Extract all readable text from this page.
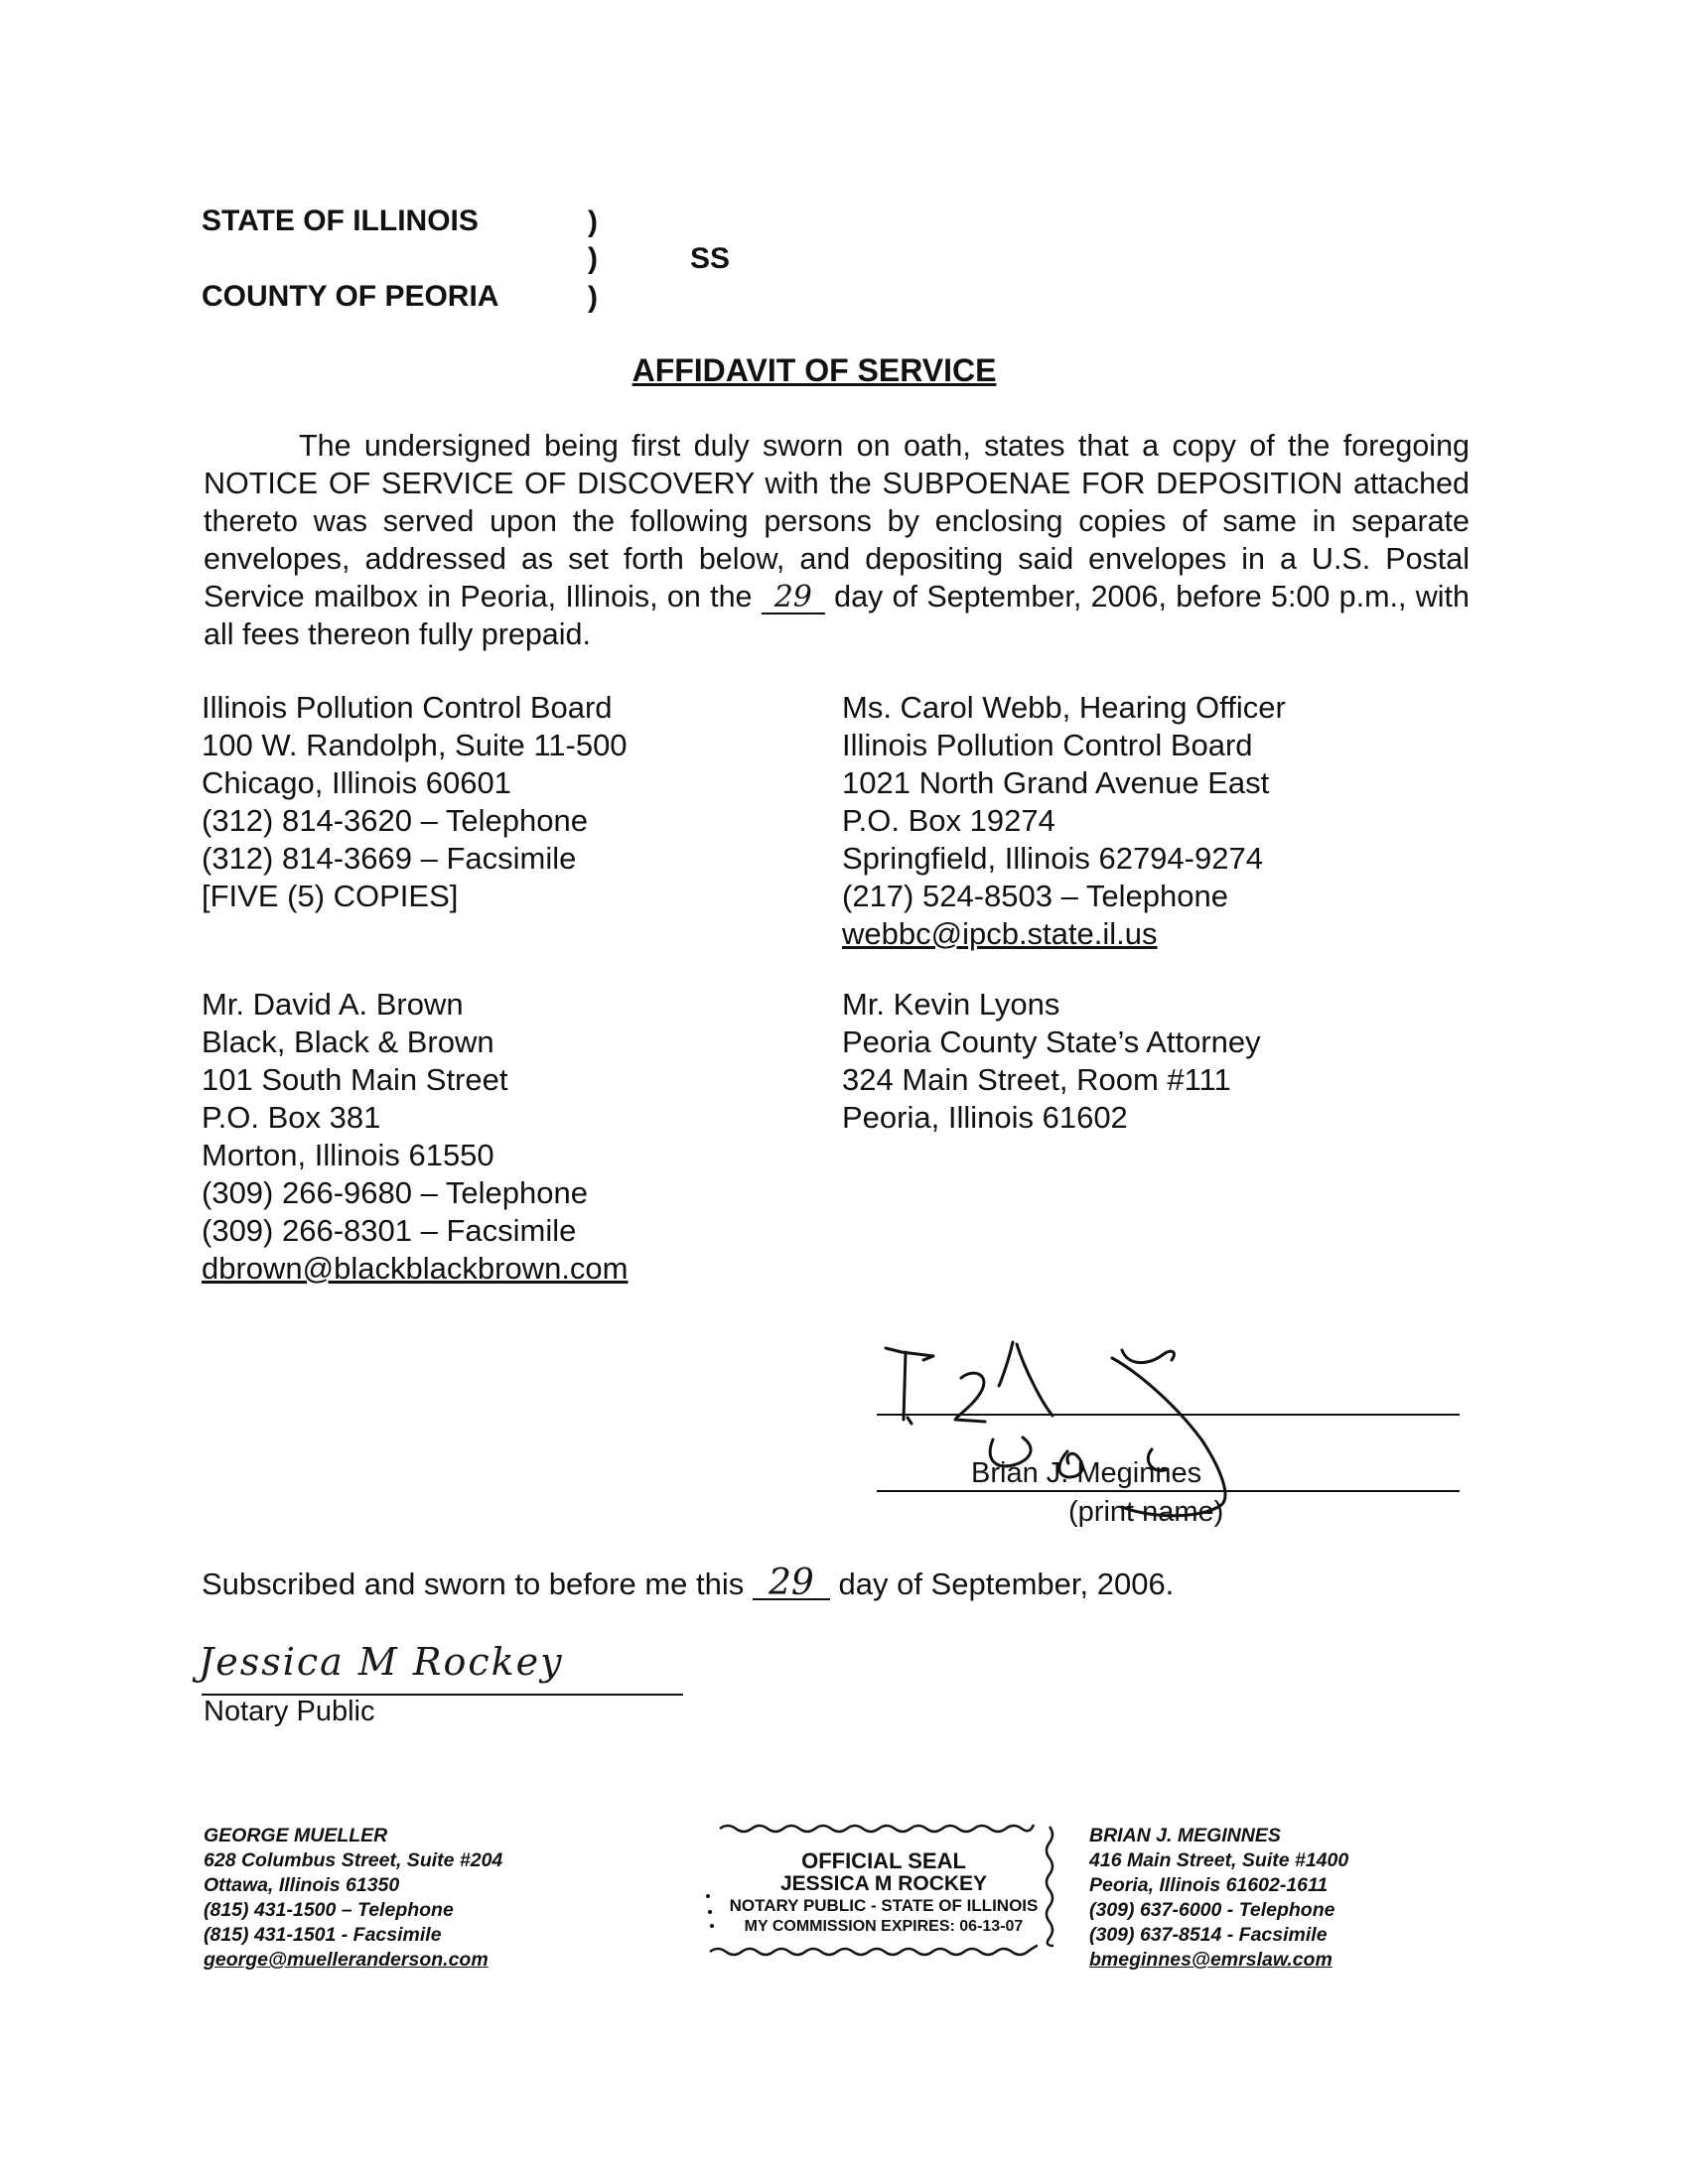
STATE OF ILLINOIS
COUNTY OF PEORIA
)
)
)
SS
AFFIDAVIT OF SERVICE
The undersigned being first duly sworn on oath, states that a copy of the foregoing NOTICE OF SERVICE OF DISCOVERY with the SUBPOENAE FOR DEPOSITION attached thereto was served upon the following persons by enclosing copies of same in separate envelopes, addressed as set forth below, and depositing said envelopes in a U.S. Postal Service mailbox in Peoria, Illinois, on the 29 day of September, 2006, before 5:00 p.m., with all fees thereon fully prepaid.
Illinois Pollution Control Board
100 W. Randolph, Suite 11-500
Chicago, Illinois 60601
(312) 814-3620 – Telephone
(312) 814-3669 – Facsimile
[FIVE (5) COPIES]
Mr. David A. Brown
Black, Black & Brown
101 South Main Street
P.O. Box 381
Morton, Illinois 61550
(309) 266-9680 – Telephone
(309) 266-8301 – Facsimile
dbrown@blackblackbrown.com
Ms. Carol Webb, Hearing Officer
Illinois Pollution Control Board
1021 North Grand Avenue East
P.O. Box 19274
Springfield, Illinois 62794-9274
(217) 524-8503 – Telephone
webbc@ipcb.state.il.us
Mr. Kevin Lyons
Peoria County State’s Attorney
324 Main Street, Room #111
Peoria, Illinois 61602
Brian J. Meginnes
(print name)
Subscribed and sworn to before me this 29 day of September, 2006.
Jessica M Rockey
Notary Public
GEORGE MUELLER
628 Columbus Street, Suite #204
Ottawa, Illinois 61350
(815) 431-1500 – Telephone
(815) 431-1501 - Facsimile
george@muelleranderson.com
OFFICIAL SEAL
JESSICA M ROCKEY
NOTARY PUBLIC - STATE OF ILLINOIS
MY COMMISSION EXPIRES: 06-13-07
BRIAN J. MEGINNES
416 Main Street, Suite #1400
Peoria, Illinois 61602-1611
(309) 637-6000 - Telephone
(309) 637-8514 - Facsimile
bmeginnes@emrslaw.com
